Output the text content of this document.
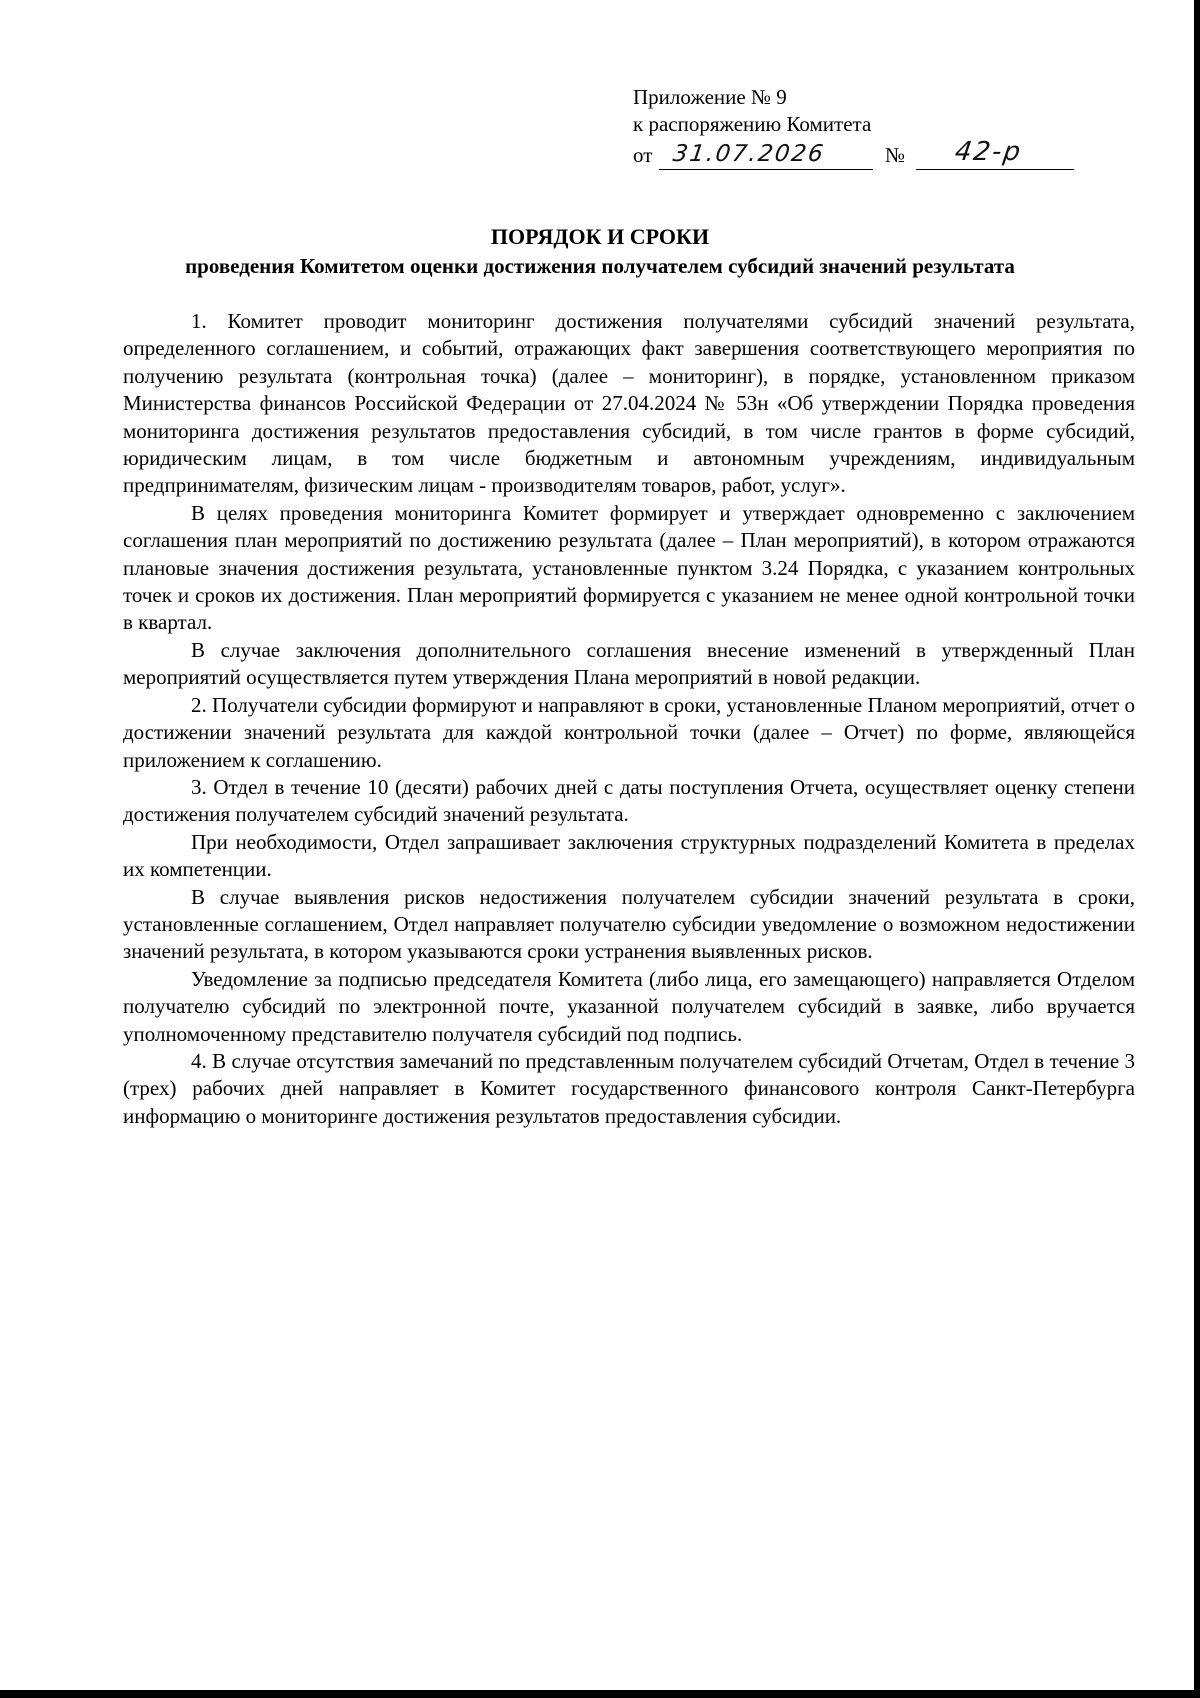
Приложение № 9
к распоряжению Комитета
от 31.07.2026	№ 42-р
ПОРЯДОК И СРОКИ
проведения Комитетом оценки достижения получателем субсидий значений результата

1. Комитет проводит мониторинг достижения получателями субсидий значений результата, определенного соглашением, и событий, отражающих факт завершения соответствующего мероприятия по получению результата (контрольная точка) (далее – мониторинг), в порядке, установленном приказом Министерства финансов Российской Федерации от 27.04.2024 № 53н «Об утверждении Порядка проведения мониторинга достижения результатов предоставления субсидий, в том числе грантов в форме субсидий, юридическим лицам, в том числе бюджетным и автономным учреждениям, индивидуальным предпринимателям, физическим лицам - производителям товаров, работ, услуг».

В целях проведения мониторинга Комитет формирует и утверждает одновременно с заключением соглашения план мероприятий по достижению результата (далее – План мероприятий), в котором отражаются плановые значения достижения результата, установленные пунктом 3.24 Порядка, с указанием контрольных точек и сроков их достижения. План мероприятий формируется с указанием не менее одной контрольной точки в квартал.

В случае заключения дополнительного соглашения внесение изменений в утвержденный План мероприятий осуществляется путем утверждения Плана мероприятий в новой редакции.

2. Получатели субсидии формируют и направляют в сроки, установленные Планом мероприятий, отчет о достижении значений результата для каждой контрольной точки (далее – Отчет) по форме, являющейся приложением к соглашению.

3. Отдел в течение 10 (десяти) рабочих дней с даты поступления Отчета, осуществляет оценку степени достижения получателем субсидий значений результата.

При необходимости, Отдел запрашивает заключения структурных подразделений Комитета в пределах их компетенции.

В случае выявления рисков недостижения получателем субсидии значений результата в сроки, установленные соглашением, Отдел направляет получателю субсидии уведомление о возможном недостижении значений результата, в котором указываются сроки устранения выявленных рисков.

Уведомление за подписью председателя Комитета (либо лица, его замещающего) направляется Отделом получателю субсидий по электронной почте, указанной получателем субсидий в заявке, либо вручается уполномоченному представителю получателя субсидий под подпись.

4. В случае отсутствия замечаний по представленным получателем субсидий Отчетам, Отдел в течение 3 (трех) рабочих дней направляет в Комитет государственного финансового контроля Санкт-Петербурга информацию о мониторинге достижения результатов предоставления субсидии.
